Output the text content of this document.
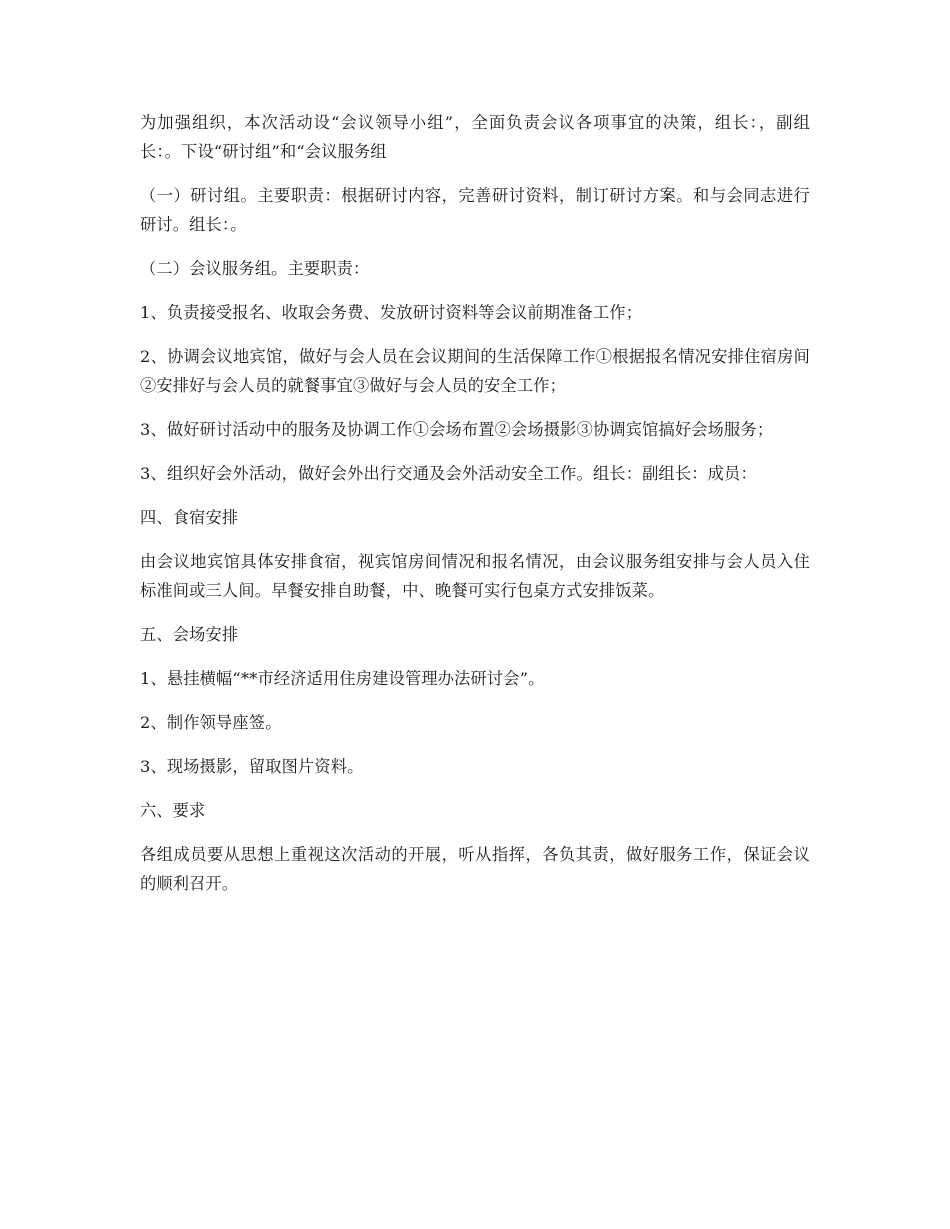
为加强组织，本次活动设“会议领导小组”，全面负责会议各项事宜的决策，组长：，副组长：。下设“研讨组”和“会议服务组

（一）研讨组。主要职责：根据研讨内容，完善研讨资料，制订研讨方案。和与会同志进行研讨。组长：。

（二）会议服务组。主要职责：

1、负责接受报名、收取会务费、发放研讨资料等会议前期准备工作；

2、协调会议地宾馆，做好与会人员在会议期间的生活保障工作①根据报名情况安排住宿房间②安排好与会人员的就餐事宜③做好与会人员的安全工作；

3、做好研讨活动中的服务及协调工作①会场布置②会场摄影③协调宾馆搞好会场服务；

3、组织好会外活动，做好会外出行交通及会外活动安全工作。组长：副组长：成员：

四、食宿安排

由会议地宾馆具体安排食宿，视宾馆房间情况和报名情况，由会议服务组安排与会人员入住标准间或三人间。早餐安排自助餐，中、晚餐可实行包桌方式安排饭菜。

五、会场安排

1、悬挂横幅“**市经济适用住房建设管理办法研讨会”。

2、制作领导座签。

3、现场摄影，留取图片资料。

六、要求

各组成员要从思想上重视这次活动的开展，听从指挥，各负其责，做好服务工作，保证会议的顺利召开。
